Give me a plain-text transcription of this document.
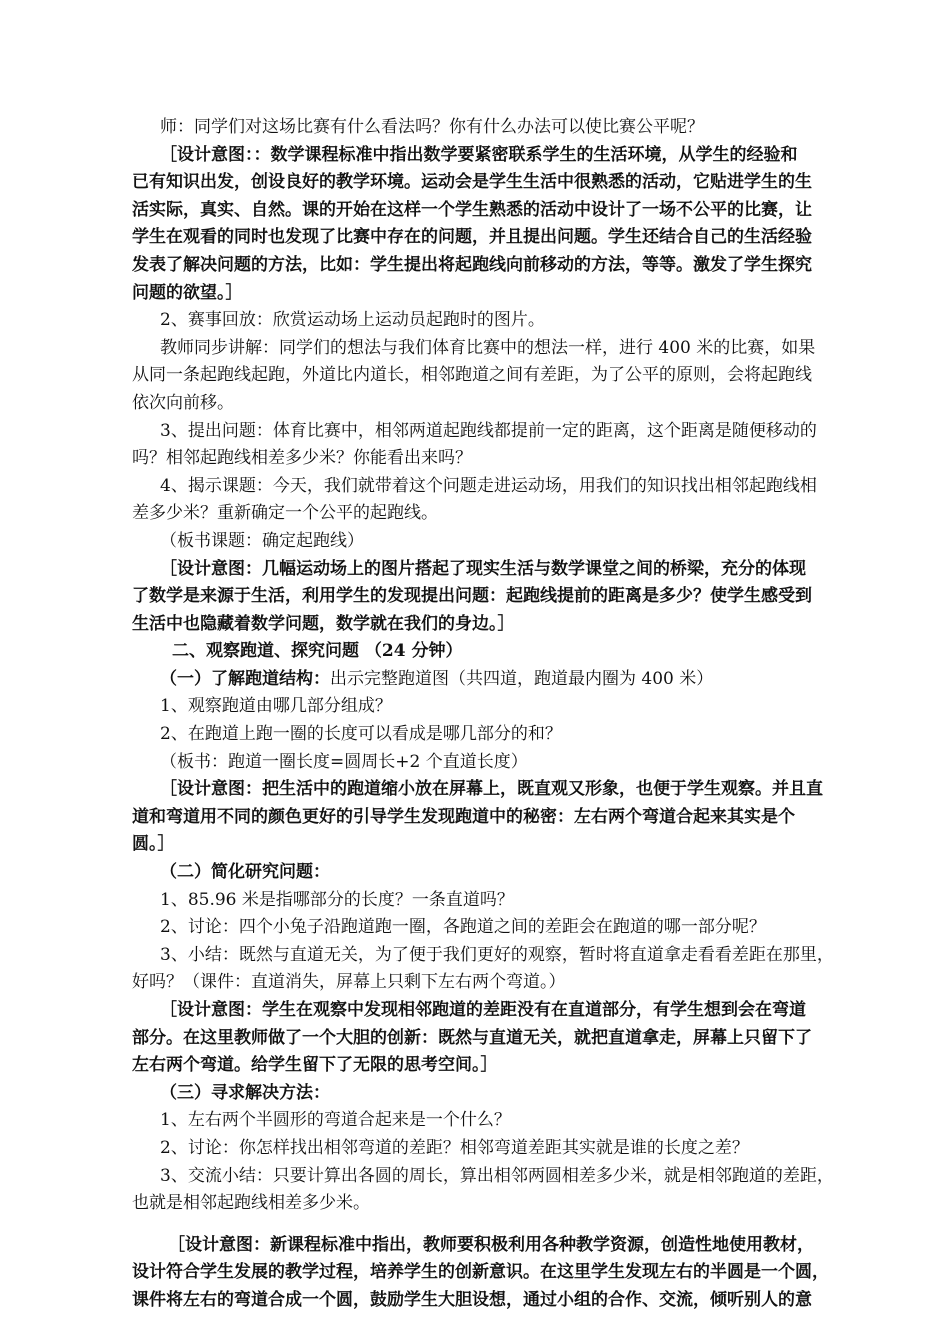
师：同学们对这场比赛有什么看法吗？你有什么办法可以使比赛公平呢？
［设计意图：：数学课程标准中指出数学要紧密联系学生的生活环境，从学生的经验和
已有知识出发，创设良好的教学环境。运动会是学生生活中很熟悉的活动，它贴进学生的生
活实际，真实、自然。课的开始在这样一个学生熟悉的活动中设计了一场不公平的比赛，让
学生在观看的同时也发现了比赛中存在的问题，并且提出问题。学生还结合自己的生活经验
发表了解决问题的方法，比如：学生提出将起跑线向前移动的方法，等等。激发了学生探究
问题的欲望。］
2、赛事回放：欣赏运动场上运动员起跑时的图片。
教师同步讲解：同学们的想法与我们体育比赛中的想法一样，进行 400 米的比赛，如果
从同一条起跑线起跑，外道比内道长，相邻跑道之间有差距，为了公平的原则，会将起跑线
依次向前移。
3、提出问题：体育比赛中，相邻两道起跑线都提前一定的距离，这个距离是随便移动的
吗？相邻起跑线相差多少米？你能看出来吗？
4、揭示课题：今天，我们就带着这个问题走进运动场，用我们的知识找出相邻起跑线相
差多少米？重新确定一个公平的起跑线。
（板书课题：确定起跑线）
［设计意图：几幅运动场上的图片搭起了现实生活与数学课堂之间的桥梁，充分的体现
了数学是来源于生活，利用学生的发现提出问题：起跑线提前的距离是多少？使学生感受到
生活中也隐藏着数学问题，数学就在我们的身边。］
二、观察跑道、探究问题 （24 分钟）
（一）了解跑道结构：出示完整跑道图（共四道，跑道最内圈为 400 米）
1、观察跑道由哪几部分组成？
2、在跑道上跑一圈的长度可以看成是哪几部分的和？
（板书：跑道一圈长度=圆周长+2 个直道长度）
［设计意图：把生活中的跑道缩小放在屏幕上，既直观又形象，也便于学生观察。并且直
道和弯道用不同的颜色更好的引导学生发现跑道中的秘密：左右两个弯道合起来其实是个
圆。］
（二）简化研究问题：
1、85.96 米是指哪部分的长度？一条直道吗？
2、讨论：四个小兔子沿跑道跑一圈，各跑道之间的差距会在跑道的哪一部分呢？
3、小结：既然与直道无关，为了便于我们更好的观察，暂时将直道拿走看看差距在那里，
好吗？（课件：直道消失，屏幕上只剩下左右两个弯道。）
［设计意图：学生在观察中发现相邻跑道的差距没有在直道部分，有学生想到会在弯道
部分。在这里教师做了一个大胆的创新：既然与直道无关，就把直道拿走，屏幕上只留下了
左右两个弯道。给学生留下了无限的思考空间。］
（三）寻求解决方法：
1、左右两个半圆形的弯道合起来是一个什么？
2、讨论：你怎样找出相邻弯道的差距？相邻弯道差距其实就是谁的长度之差？
3、交流小结：只要计算出各圆的周长，算出相邻两圆相差多少米，就是相邻跑道的差距，
也就是相邻起跑线相差多少米。
［设计意图：新课程标准中指出，教师要积极利用各种教学资源，创造性地使用教材，
设计符合学生发展的教学过程，培养学生的创新意识。在这里学生发现左右的半圆是一个圆，
课件将左右的弯道合成一个圆，鼓励学生大胆设想，通过小组的合作、交流，倾听别人的意
